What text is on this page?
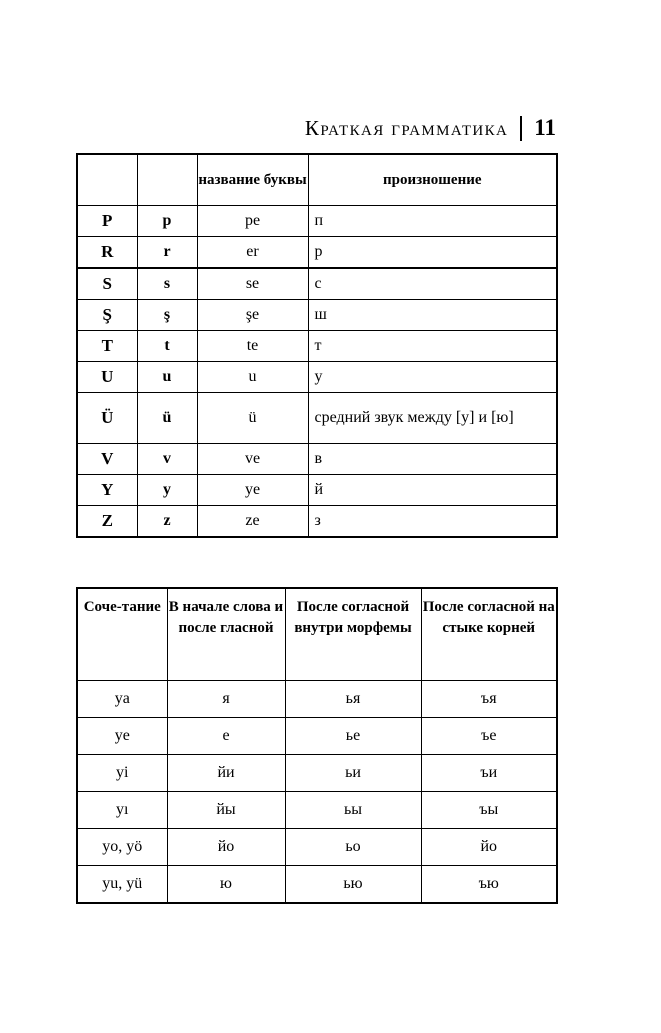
Краткая грамматика 11
		название буквы	произношение
P	p	pe	п
R	r	er	р
S	s	se	с
Ş	ş	şe	ш
T	t	te	т
U	u	u	у
Ü	ü	ü	средний звук между [у] и [ю]
V	v	ve	в
Y	y	ye	й
Z	z	ze	з
Соче-тание	В начале слова и после гласной	После согласной внутри морфемы	После согласной на стыке корней
ya	я	ья	ъя
ye	е	ье	ъе
yi	йи	ьи	ъи
yı	йы	ьы	ъы
yo, yö	йо	ьо	йо
yu, yü	ю	ью	ъю
